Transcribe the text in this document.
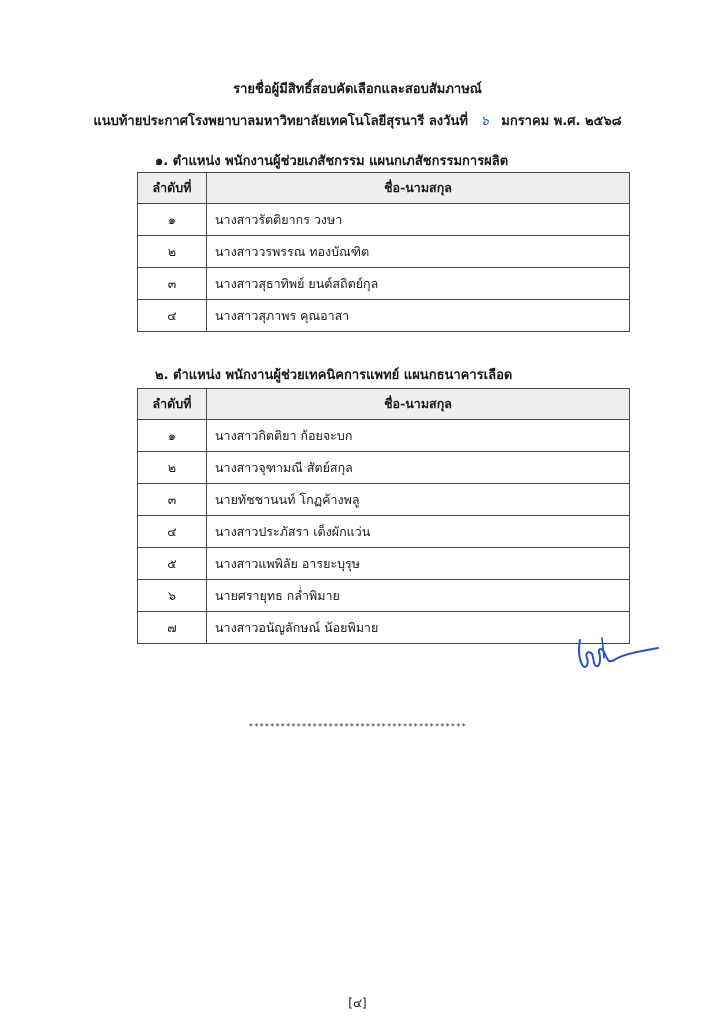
รายชื่อผู้มีสิทธิ์สอบคัดเลือกและสอบสัมภาษณ์
แนบท้ายประกาศโรงพยาบาลมหาวิทยาลัยเทคโนโลยีสุรนารี ลงวันที่ ๖ มกราคม พ.ศ. ๒๕๖๘
๑. ตำแหน่ง พนักงานผู้ช่วยเภสัชกรรม แผนกเภสัชกรรมการผลิต
ลำดับที่	ชื่อ-นามสกุล
๑	นางสาวรัตติยากร วงษา
๒	นางสาววรพรรณ ทองบัณฑิต
๓	นางสาวสุธาทิพย์ ยนต์สถิตย์กุล
๔	นางสาวสุภาพร คุณอาสา
๒. ตำแหน่ง พนักงานผู้ช่วยเทคนิคการแพทย์ แผนกธนาคารเลือด
ลำดับที่	ชื่อ-นามสกุล
๑	นางสาวกิตติยา ก้อยจะบก
๒	นางสาวจุฑามณี สัตย์สกุล
๓	นายทัชชานนท์ โกฏค้างพลู
๔	นางสาวประภัสรา เต็งผักแว่น
๕	นางสาวแพพิลัย อารยะบุรุษ
๖	นายศรายุทธ กล่ำพิมาย
๗	นางสาวอนัญลักษณ์ น้อยพิมาย
*****************************************
[๔]
